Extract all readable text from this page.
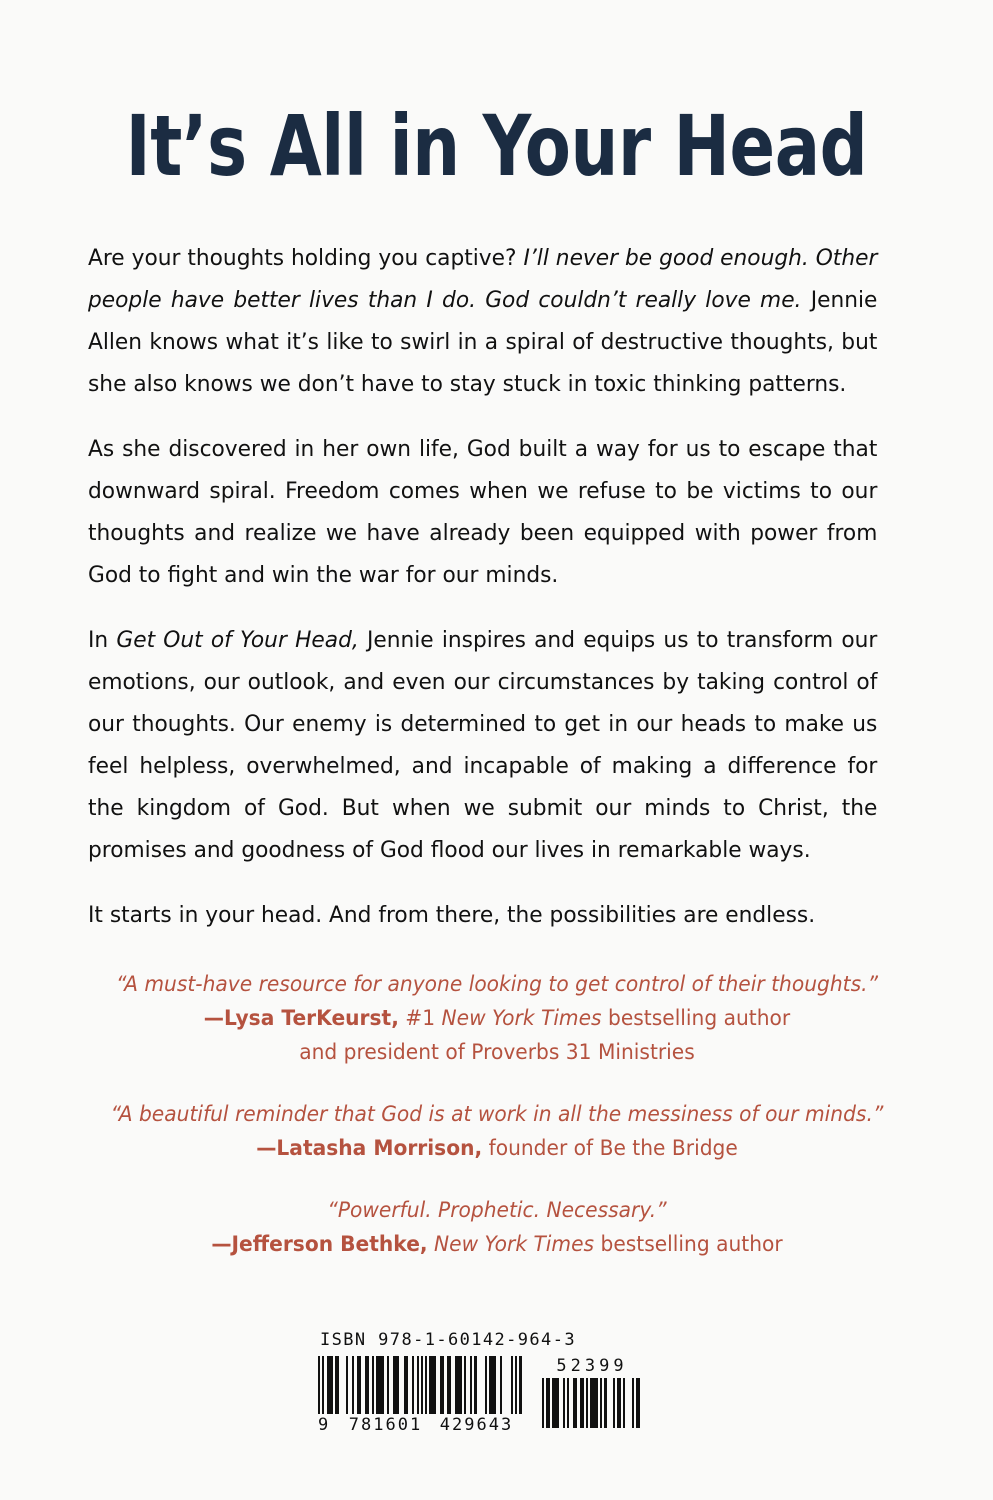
It’s All in Your Head

Are your thoughts holding you captive? I’ll never be good enough. Other people have better lives than I do. God couldn’t really love me. Jennie Allen knows what it’s like to swirl in a spiral of destructive thoughts, but she also knows we don’t have to stay stuck in toxic thinking patterns.

As she discovered in her own life, God built a way for us to escape that downward spiral. Freedom comes when we refuse to be victims to our thoughts and realize we have already been equipped with power from God to fight and win the war for our minds.

In Get Out of Your Head, Jennie inspires and equips us to transform our emotions, our outlook, and even our circumstances by taking control of our thoughts. Our enemy is determined to get in our heads to make us feel helpless, overwhelmed, and incapable of making a difference for the kingdom of God. But when we submit our minds to Christ, the promises and goodness of God flood our lives in remarkable ways.

It starts in your head. And from there, the possibilities are endless.

“A must-have resource for anyone looking to get control of their thoughts.”
—Lysa TerKeurst, #1 New York Times bestselling author
and president of Proverbs 31 Ministries
“A beautiful reminder that God is at work in all the messiness of our minds.”
—Latasha Morrison, founder of Be the Bridge
“Powerful. Prophetic. Necessary.”
—Jefferson Bethke, New York Times bestselling author
ISBN 978-1-60142-964-3
9	781601	429643
52399
